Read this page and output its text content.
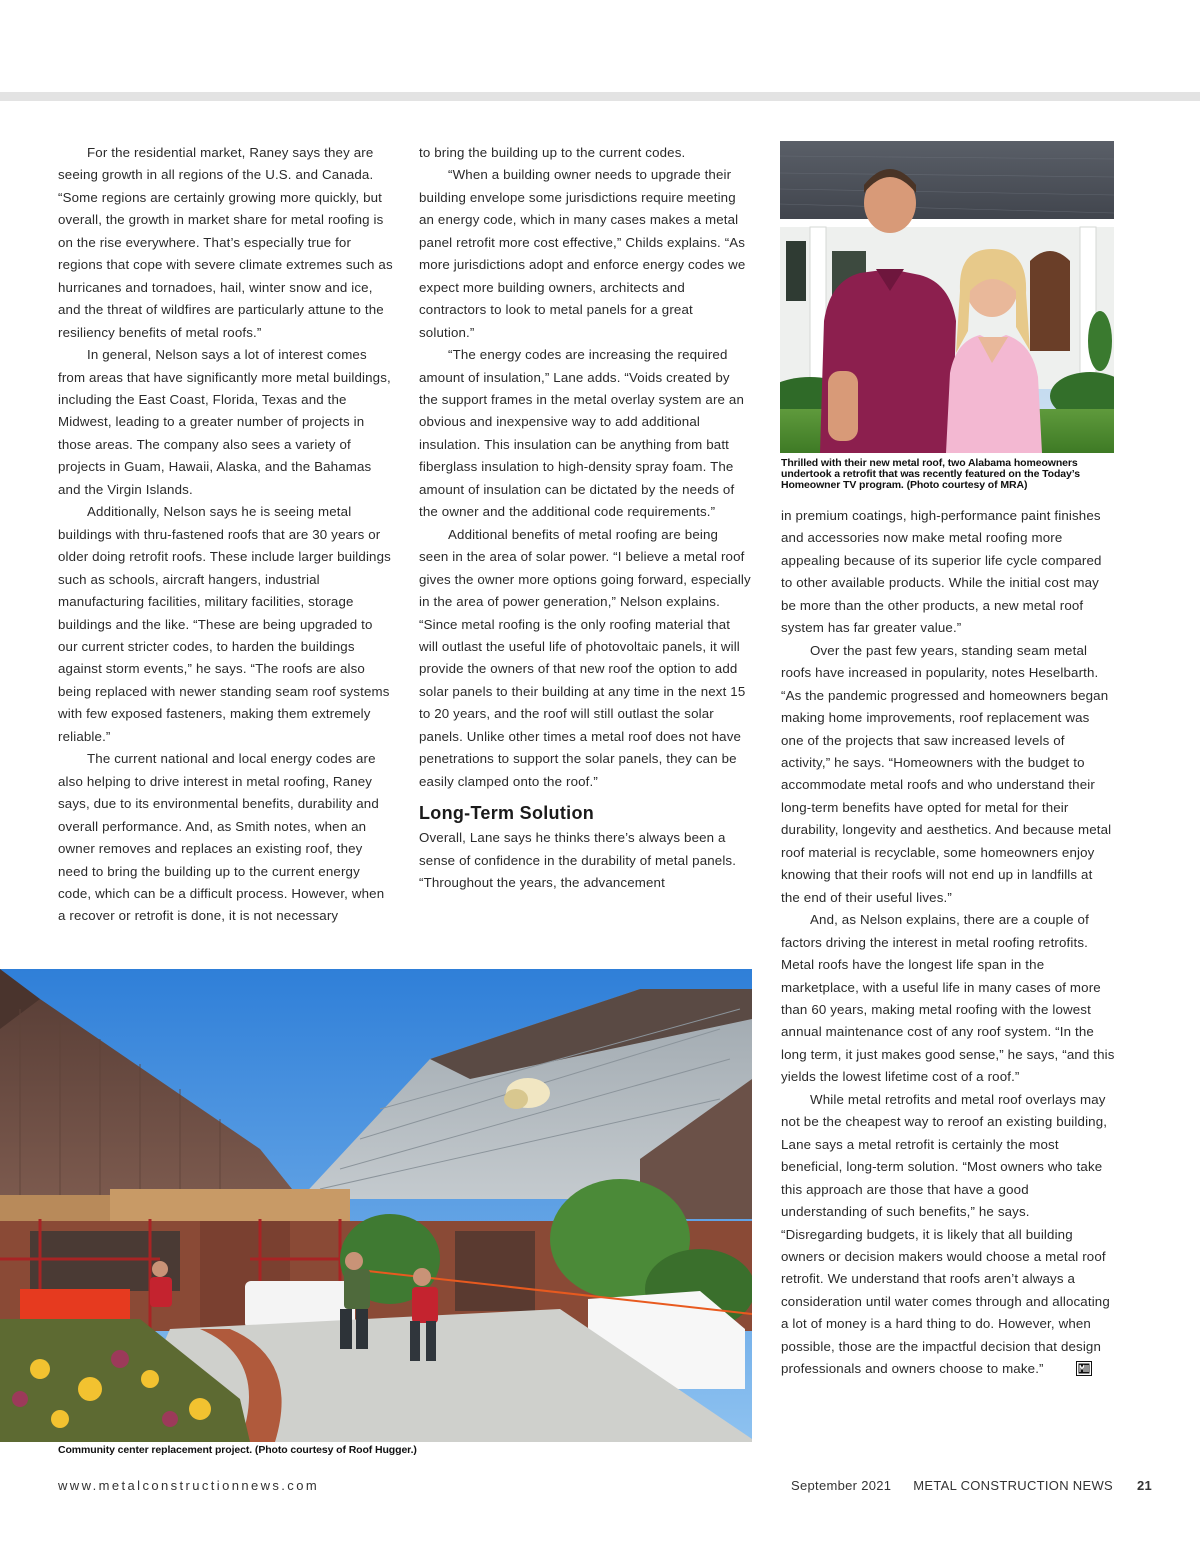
For the residential market, Raney says they are seeing growth in all regions of the U.S. and Canada. “Some regions are certainly growing more quickly, but overall, the growth in market share for metal roofing is on the rise everywhere. That’s especially true for regions that cope with severe climate extremes such as hurricanes and tornadoes, hail, winter snow and ice, and the threat of wildfires are particularly attune to the resiliency benefits of metal roofs.”

In general, Nelson says a lot of interest comes from areas that have significantly more metal buildings, including the East Coast, Florida, Texas and the Midwest, leading to a greater number of projects in those areas. The company also sees a variety of projects in Guam, Hawaii, Alaska, and the Bahamas and the Virgin Islands.

Additionally, Nelson says he is seeing metal buildings with thru-fastened roofs that are 30 years or older doing retrofit roofs. These include larger buildings such as schools, aircraft hangers, industrial manufacturing facilities, military facilities, storage buildings and the like. “These are being upgraded to our current stricter codes, to harden the buildings against storm events,” he says. “The roofs are also being replaced with newer standing seam roof systems with few exposed fasteners, making them extremely reliable.”

The current national and local energy codes are also helping to drive interest in metal roofing, Raney says, due to its environmental benefits, durability and overall performance. And, as Smith notes, when an owner removes and replaces an existing roof, they need to bring the building up to the current energy code, which can be a difficult process. However, when a recover or retrofit is done, it is not necessary

to bring the building up to the current codes.

“When a building owner needs to upgrade their building envelope some jurisdictions require meeting an energy code, which in many cases makes a metal panel retrofit more cost effective,” Childs explains. “As more jurisdictions adopt and enforce energy codes we expect more building owners, architects and contractors to look to metal panels for a great solution.”

“The energy codes are increasing the required amount of insulation,” Lane adds. “Voids created by the support frames in the metal overlay system are an obvious and inexpensive way to add additional insulation. This insulation can be anything from batt fiberglass insulation to high-density spray foam. The amount of insulation can be dictated by the needs of the owner and the additional code requirements.”

Additional benefits of metal roofing are being seen in the area of solar power. “I believe a metal roof gives the owner more options going forward, especially in the area of power generation,” Nelson explains. “Since metal roofing is the only roofing material that will outlast the useful life of photovoltaic panels, it will provide the owners of that new roof the option to add solar panels to their building at any time in the next 15 to 20 years, and the roof will still outlast the solar panels. Unlike other times a metal roof does not have penetrations to support the solar panels, they can be easily clamped onto the roof.”

Long-Term Solution

Overall, Lane says he thinks there’s always been a sense of confidence in the durability of metal panels. “Throughout the years, the advancement

Thrilled with their new metal roof, two Alabama homeowners undertook a retrofit that was recently featured on the Today’s Homeowner TV program. (Photo courtesy of MRA)

in premium coatings, high-performance paint finishes and accessories now make metal roofing more appealing because of its superior life cycle compared to other available products. While the initial cost may be more than the other products, a new metal roof system has far greater value.”

Over the past few years, standing seam metal roofs have increased in popularity, notes Heselbarth. “As the pandemic progressed and homeowners began making home improvements, roof replacement was one of the projects that saw increased levels of activity,” he says. “Homeowners with the budget to accommodate metal roofs and who understand their long-term benefits have opted for metal for their durability, longevity and aesthetics. And because metal roof material is recyclable, some homeowners enjoy knowing that their roofs will not end up in landfills at the end of their useful lives.”

And, as Nelson explains, there are a couple of factors driving the interest in metal roofing retrofits. Metal roofs have the longest life span in the marketplace, with a useful life in many cases of more than 60 years, making metal roofing with the lowest annual maintenance cost of any roof system. “In the long term, it just makes good sense,” he says, “and this yields the lowest lifetime cost of a roof.”

While metal retrofits and metal roof overlays may not be the cheapest way to reroof an existing building, Lane says a metal retrofit is certainly the most beneficial, long-term solution. “Most owners who take this approach are those that have a good understanding of such benefits,” he says. “Disregarding budgets, it is likely that all building owners or decision makers would choose a metal roof retrofit. We understand that roofs aren’t always a consideration until water comes through and allocating a lot of money is a hard thing to do. However, when possible, those are the impactful decision that design professionals and owners choose to make.”

Community center replacement project. (Photo courtesy of Roof Hugger.)
www.metalconstructionnews.com	September 2021 METAL CONSTRUCTION NEWS 21
